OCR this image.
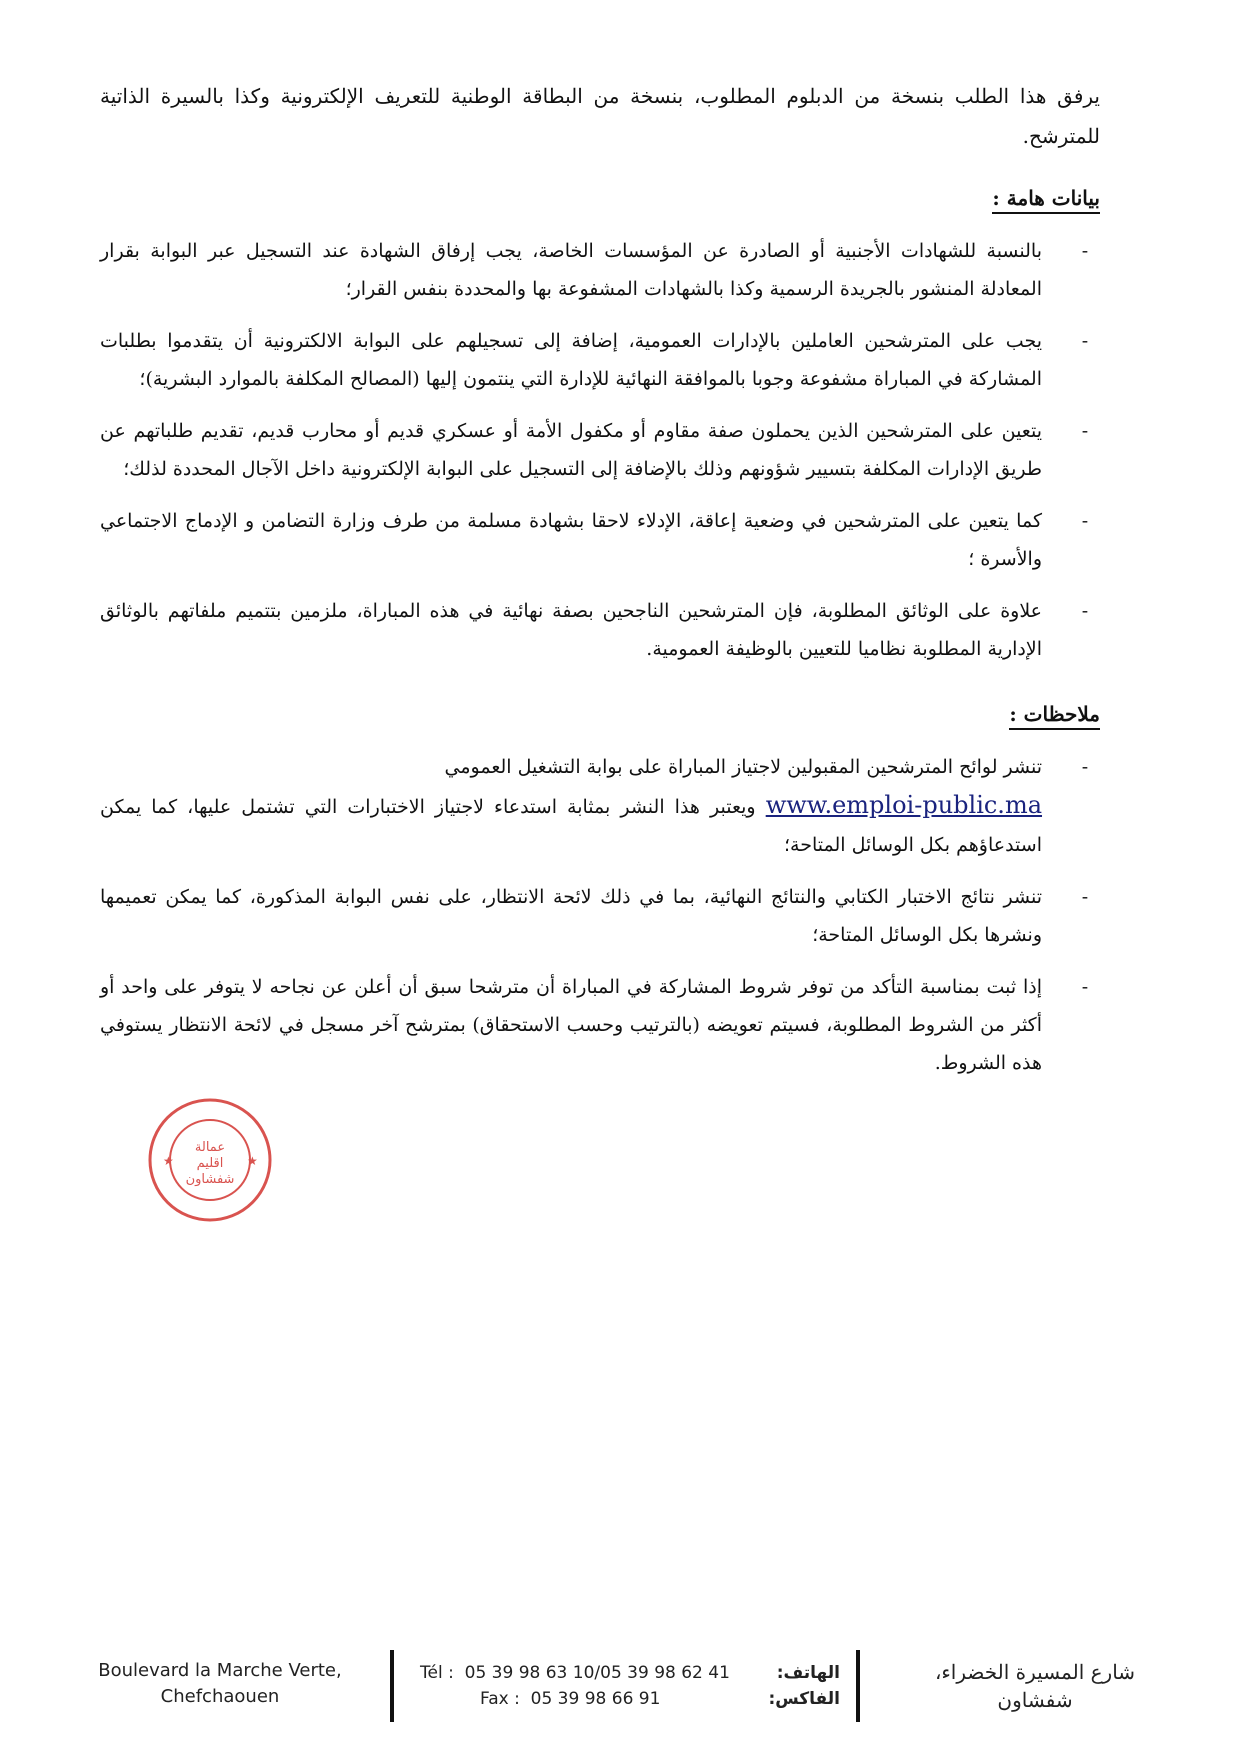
يرفق هذا الطلب بنسخة من الدبلوم المطلوب، بنسخة من البطاقة الوطنية للتعريف الإلكترونية وكذا بالسيرة الذاتية للمترشح.

بيانات هامة :
-

بالنسبة للشهادات الأجنبية أو الصادرة عن المؤسسات الخاصة، يجب إرفاق الشهادة عند التسجيل عبر البوابة بقرار المعادلة المنشور بالجريدة الرسمية وكذا بالشهادات المشفوعة بها والمحددة بنفس القرار؛

-

يجب على المترشحين العاملين بالإدارات العمومية، إضافة إلى تسجيلهم على البوابة الالكترونية أن يتقدموا بطلبات المشاركة في المباراة مشفوعة وجوبا بالموافقة النهائية للإدارة التي ينتمون إليها (المصالح المكلفة بالموارد البشرية)؛

-

يتعين على المترشحين الذين يحملون صفة مقاوم أو مكفول الأمة أو عسكري قديم أو محارب قديم، تقديم طلباتهم عن طريق الإدارات المكلفة بتسيير شؤونهم وذلك بالإضافة إلى التسجيل على البوابة الإلكترونية داخل الآجال المحددة لذلك؛

-

كما يتعين على المترشحين في وضعية إعاقة، الإدلاء لاحقا بشهادة مسلمة من طرف وزارة التضامن و الإدماج الاجتماعي والأسرة ؛

-

علاوة على الوثائق المطلوبة، فإن المترشحين الناجحين بصفة نهائية في هذه المباراة، ملزمين بتتميم ملفاتهم بالوثائق الإدارية المطلوبة نظاميا للتعيين بالوظيفة العمومية.

ملاحظات :
-

تنشر لوائح المترشحين المقبولين لاجتياز المباراة على بوابة التشغيل العمومي

www.emploi-public.ma ويعتبر هذا النشر بمثابة استدعاء لاجتياز الاختبارات التي تشتمل عليها، كما يمكن استدعاؤهم بكل الوسائل المتاحة؛

-

تنشر نتائج الاختبار الكتابي والنتائج النهائية، بما في ذلك لائحة الانتظار، على نفس البوابة المذكورة، كما يمكن تعميمها ونشرها بكل الوسائل المتاحة؛

-

إذا ثبت بمناسبة التأكد من توفر شروط المشاركة في المباراة أن مترشحا سبق أن أعلن عن نجاحه لا يتوفر على واحد أو أكثر من الشروط المطلوبة، فسيتم تعويضه (بالترتيب وحسب الاستحقاق) بمترشح آخر مسجل في لائحة الانتظار يستوفي هذه الشروط.

عمالة
اقليم
شفشاون
★	★
Boulevard la Marche Verte,
Chefchaouen
Tél : 05 39 98 63 10/05 39 98 62 41	الهاتف:
Fax : 05 39 98 66 91	الفاكس:
شارع المسيرة الخضراء،
شفشاون
